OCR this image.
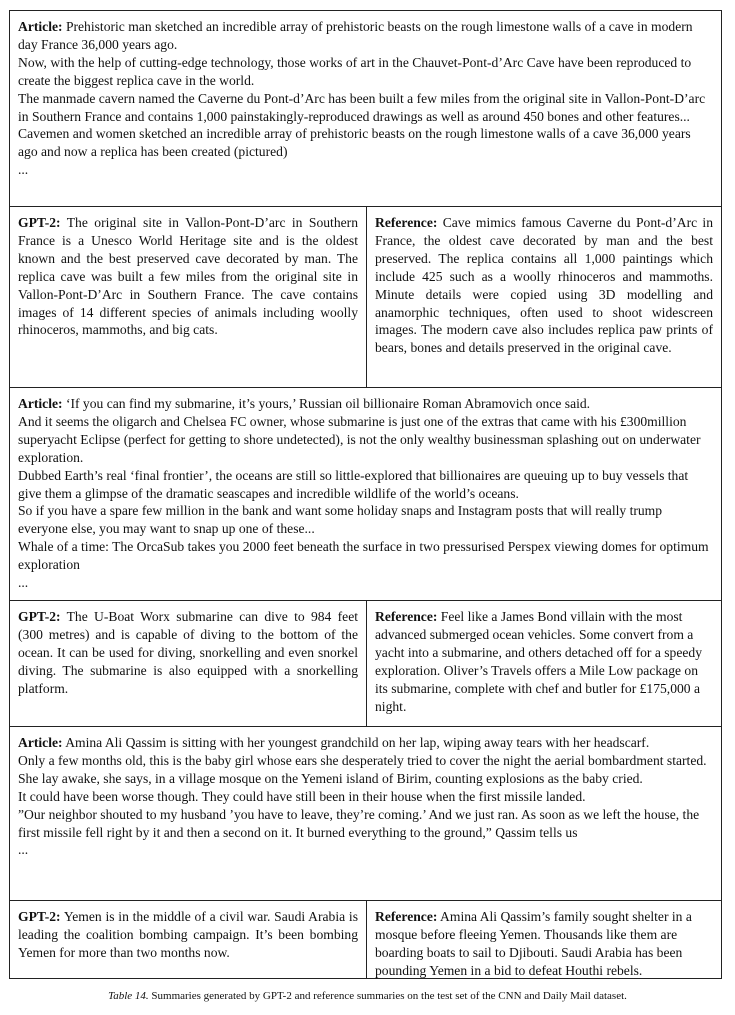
Article: Prehistoric man sketched an incredible array of prehistoric beasts on the rough limestone walls of a cave in modern day France 36,000 years ago.

Now, with the help of cutting-edge technology, those works of art in the Chauvet-Pont-d’Arc Cave have been reproduced to create the biggest replica cave in the world.

The manmade cavern named the Caverne du Pont-d’Arc has been built a few miles from the original site in Vallon-Pont-D’arc in Southern France and contains 1,000 painstakingly-reproduced drawings as well as around 450 bones and other features...

Cavemen and women sketched an incredible array of prehistoric beasts on the rough limestone walls of a cave 36,000 years ago and now a replica has been created (pictured)

...

GPT-2: The original site in Vallon-Pont-D’arc in Southern France is a Unesco World Heritage site and is the oldest known and the best preserved cave decorated by man. The replica cave was built a few miles from the original site in Vallon-Pont-D’Arc in Southern France. The cave contains images of 14 different species of animals including woolly rhinoceros, mammoths, and big cats.

Reference: Cave mimics famous Caverne du Pont-d’Arc in France, the oldest cave decorated by man and the best preserved. The replica contains all 1,000 paintings which include 425 such as a woolly rhinoceros and mammoths. Minute details were copied using 3D modelling and anamorphic techniques, often used to shoot widescreen images. The modern cave also includes replica paw prints of bears, bones and details preserved in the original cave.

Article: ‘If you can find my submarine, it’s yours,’ Russian oil billionaire Roman Abramovich once said.

And it seems the oligarch and Chelsea FC owner, whose submarine is just one of the extras that came with his £300million superyacht Eclipse (perfect for getting to shore undetected), is not the only wealthy businessman splashing out on underwater exploration.

Dubbed Earth’s real ‘final frontier’, the oceans are still so little-explored that billionaires are queuing up to buy vessels that give them a glimpse of the dramatic seascapes and incredible wildlife of the world’s oceans.

So if you have a spare few million in the bank and want some holiday snaps and Instagram posts that will really trump everyone else, you may want to snap up one of these...

Whale of a time: The OrcaSub takes you 2000 feet beneath the surface in two pressurised Perspex viewing domes for optimum exploration

...

GPT-2: The U-Boat Worx submarine can dive to 984 feet (300 metres) and is capable of diving to the bottom of the ocean. It can be used for diving, snorkelling and even snorkel diving. The submarine is also equipped with a snorkelling platform.

Reference: Feel like a James Bond villain with the most advanced submerged ocean vehicles. Some convert from a yacht into a submarine, and others detached off for a speedy exploration. Oliver’s Travels offers a Mile Low package on its submarine, complete with chef and butler for £175,000 a night.

Article: Amina Ali Qassim is sitting with her youngest grandchild on her lap, wiping away tears with her headscarf.

Only a few months old, this is the baby girl whose ears she desperately tried to cover the night the aerial bombardment started. She lay awake, she says, in a village mosque on the Yemeni island of Birim, counting explosions as the baby cried.

It could have been worse though. They could have still been in their house when the first missile landed.

”Our neighbor shouted to my husband ’you have to leave, they’re coming.’ And we just ran. As soon as we left the house, the first missile fell right by it and then a second on it. It burned everything to the ground,” Qassim tells us

...

GPT-2: Yemen is in the middle of a civil war. Saudi Arabia is leading the coalition bombing campaign. It’s been bombing Yemen for more than two months now.

Reference: Amina Ali Qassim’s family sought shelter in a mosque before fleeing Yemen. Thousands like them are boarding boats to sail to Djibouti. Saudi Arabia has been pounding Yemen in a bid to defeat Houthi rebels.

Table 14. Summaries generated by GPT-2 and reference summaries on the test set of the CNN and Daily Mail dataset.
